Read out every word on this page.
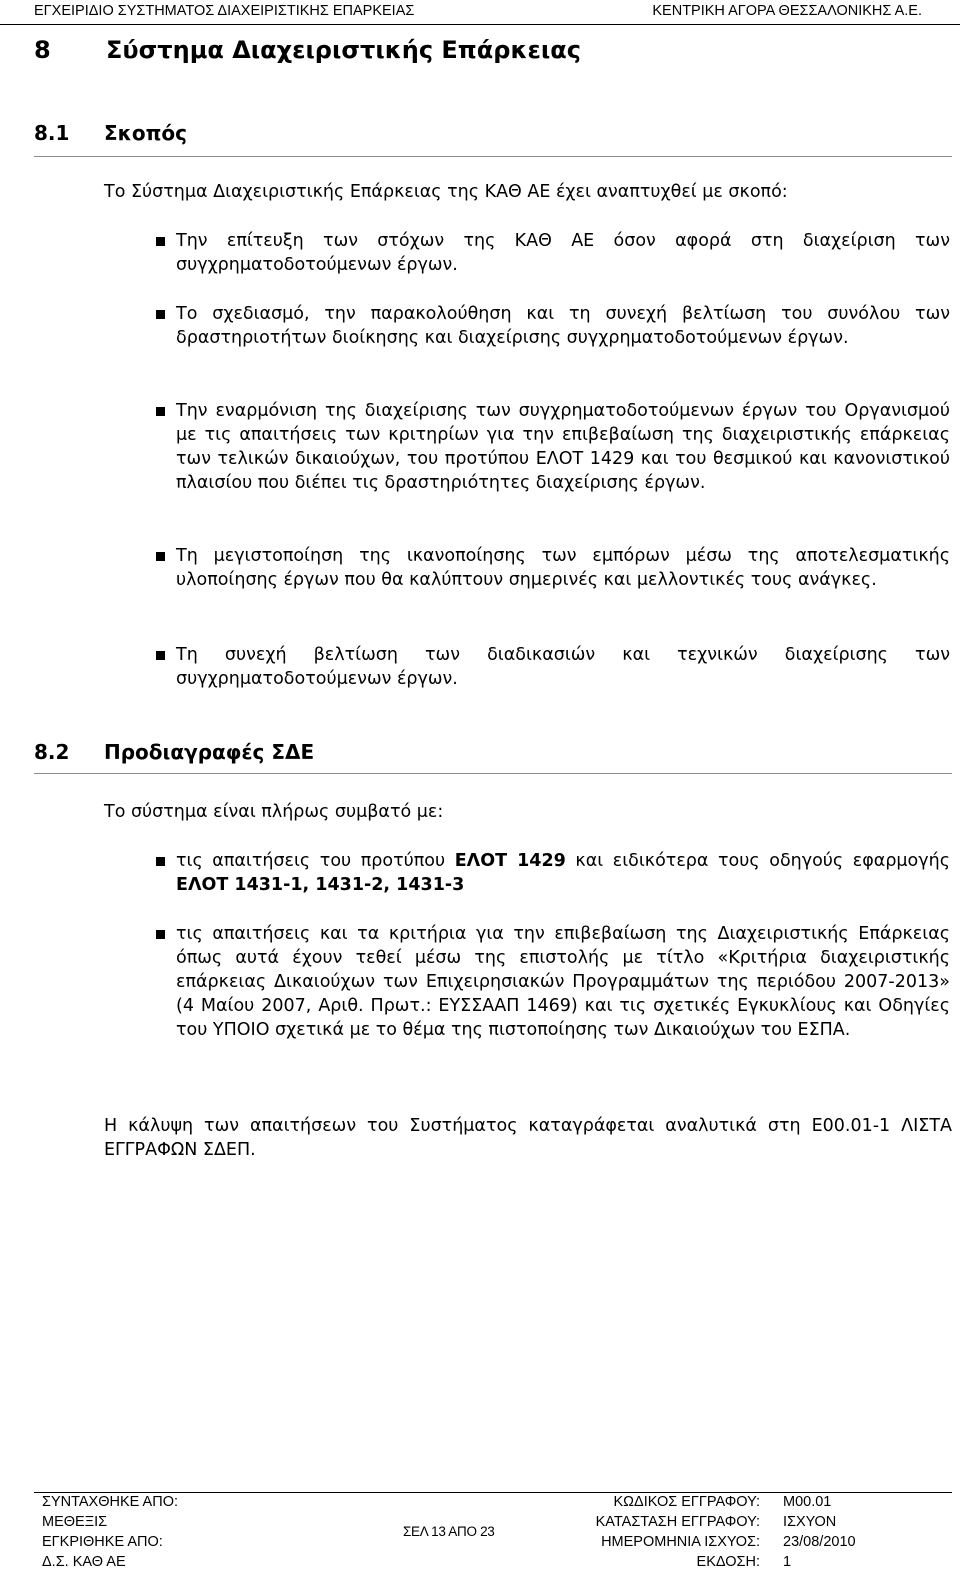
ΕΓΧΕΙΡΙΔΙΟ ΣΥΣΤΗΜΑΤΟΣ ΔΙΑΧΕΙΡΙΣΤΙΚΗΣ ΕΠΑΡΚΕΙΑΣ	ΚΕΝΤΡΙΚΗ ΑΓΟΡΑ ΘΕΣΣΑΛΟΝΙΚΗΣ Α.Ε.
8 Σύστημα Διαχειριστικής Επάρκειας
8.1 Σκοπός
Το Σύστημα Διαχειριστικής Επάρκειας της ΚΑΘ ΑΕ έχει αναπτυχθεί με σκοπό:
Την επίτευξη των στόχων της ΚΑΘ ΑΕ όσον αφορά στη διαχείριση των συγχρηματοδοτούμενων έργων.
Το σχεδιασμό, την παρακολούθηση και τη συνεχή βελτίωση του συνόλου των δραστηριοτήτων διοίκησης και διαχείρισης συγχρηματοδοτούμενων έργων.
Την εναρμόνιση της διαχείρισης των συγχρηματοδοτούμενων έργων του Οργανισμού με τις απαιτήσεις των κριτηρίων για την επιβεβαίωση της διαχειριστικής επάρκειας των τελικών δικαιούχων, του προτύπου ΕΛΟΤ 1429 και του θεσμικού και κανονιστικού πλαισίου που διέπει τις δραστηριότητες διαχείρισης έργων.
Τη μεγιστοποίηση της ικανοποίησης των εμπόρων μέσω της αποτελεσματικής υλοποίησης έργων που θα καλύπτουν σημερινές και μελλοντικές τους ανάγκες.
Τη συνεχή βελτίωση των διαδικασιών και τεχνικών διαχείρισης των συγχρηματοδοτούμενων έργων.
8.2 Προδιαγραφές ΣΔΕ
Το σύστημα είναι πλήρως συμβατό με:
τις απαιτήσεις του προτύπου ΕΛΟΤ 1429 και ειδικότερα τους οδηγούς εφαρμογής ΕΛΟΤ 1431-1, 1431-2, 1431-3
τις απαιτήσεις και τα κριτήρια για την επιβεβαίωση της Διαχειριστικής Επάρκειας όπως αυτά έχουν τεθεί μέσω της επιστολής με τίτλο «Κριτήρια διαχειριστικής επάρκειας Δικαιούχων των Επιχειρησιακών Προγραμμάτων της περιόδου 2007-2013» (4 Μαίου 2007, Αριθ. Πρωτ.: ΕΥΣΣΑΑΠ 1469) και τις σχετικές Εγκυκλίους και Οδηγίες του ΥΠΟΙΟ σχετικά με το θέμα της πιστοποίησης των Δικαιούχων του ΕΣΠΑ.
Η κάλυψη των απαιτήσεων του Συστήματος καταγράφεται αναλυτικά στη Ε00.01-1 ΛΙΣΤΑ ΕΓΓΡΑΦΩΝ ΣΔΕΠ.
ΣΥΝΤΑΧΘΗΚΕ ΑΠΟ:
ΜΕΘΕΞΙΣ
ΕΓΚΡΙΘΗΚΕ ΑΠΟ:
Δ.Σ. ΚΑΘ ΑΕ
ΣΕΛ 13 ΑΠΟ 23
ΚΩΔΙΚΟΣ ΕΓΓΡΑΦΟΥ:
ΚΑΤΑΣΤΑΣΗ ΕΓΓΡΑΦΟΥ:
ΗΜΕΡΟΜΗΝΙΑ ΙΣΧΥΟΣ:
ΕΚΔΟΣΗ:
Μ00.01
ΙΣΧΥΟΝ
23/08/2010
1
